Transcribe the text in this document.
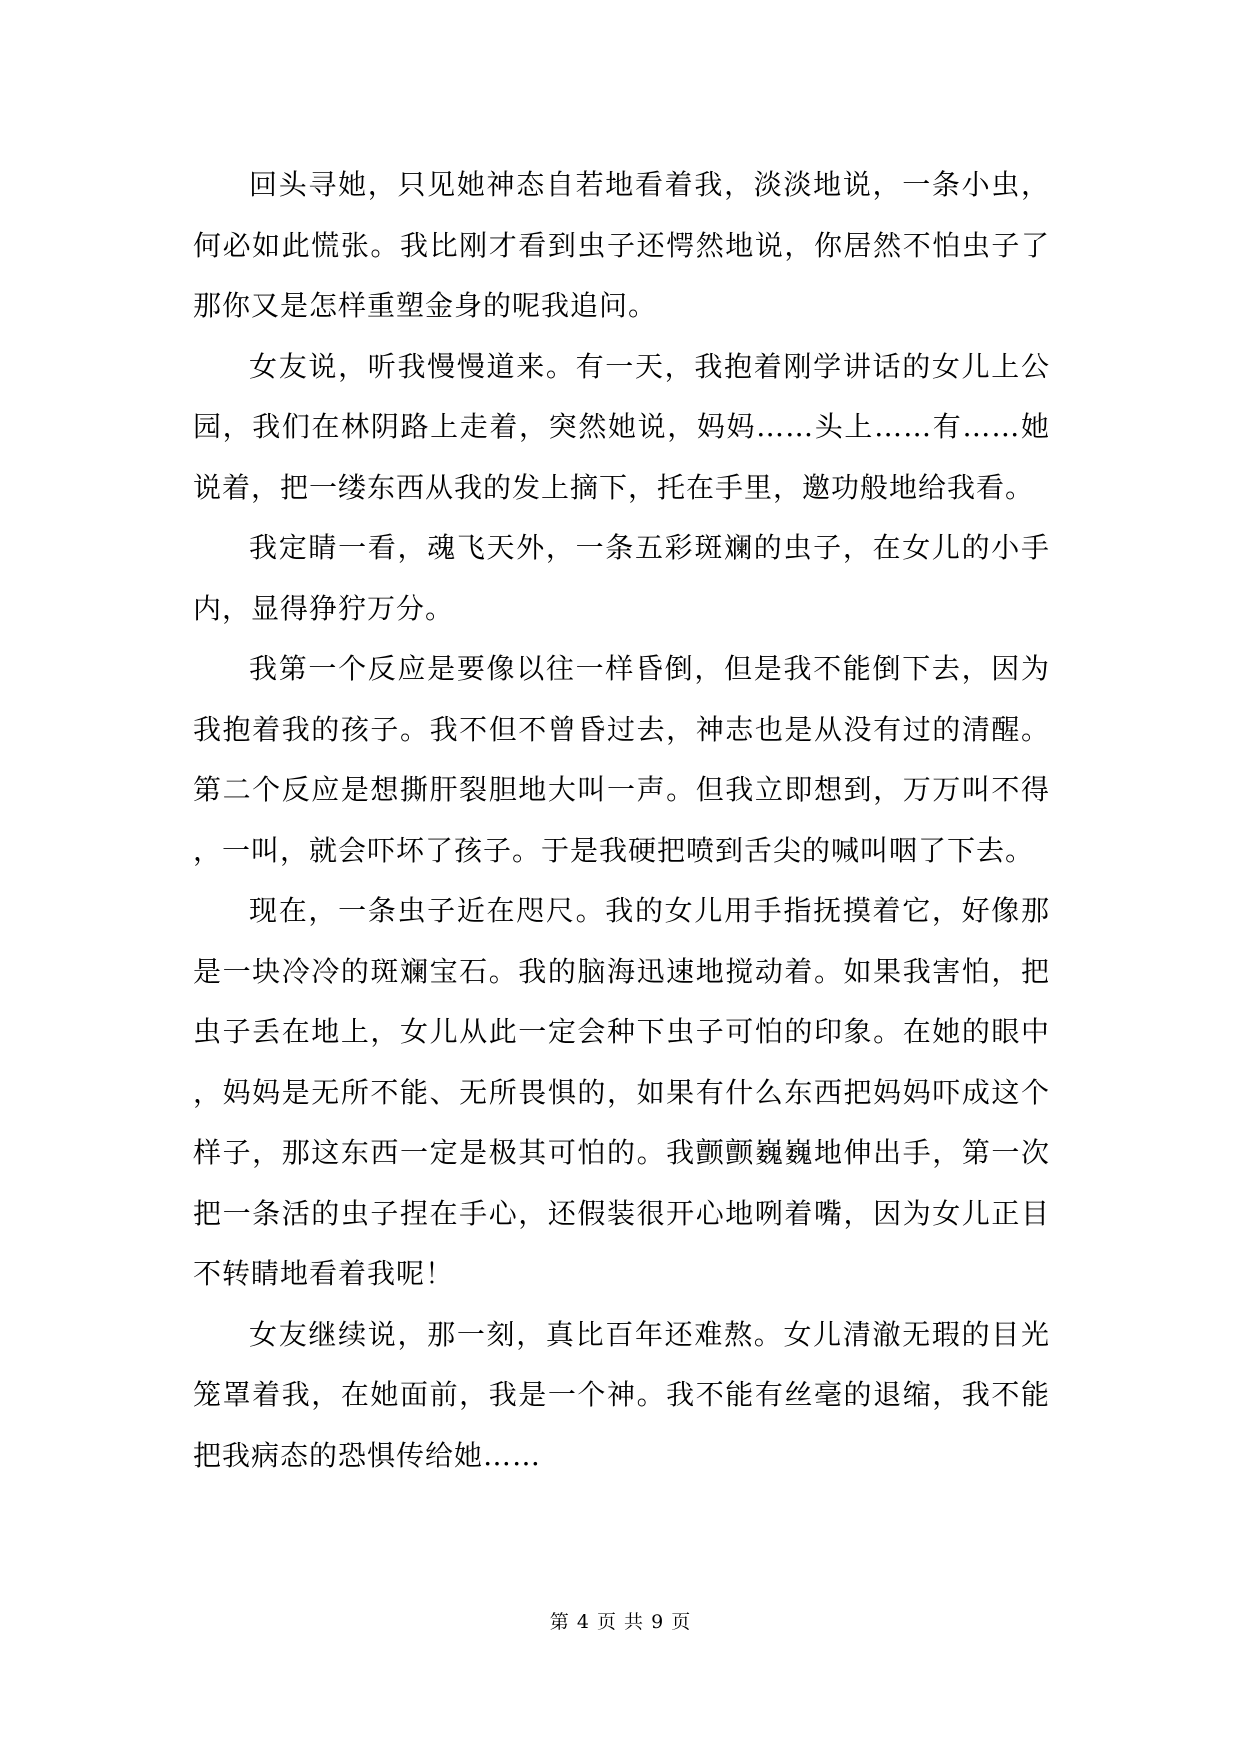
回头寻她，只见她神态自若地看着我，淡淡地说，一条小虫，何必如此慌张。我比刚才看到虫子还愕然地说，你居然不怕虫子了那你又是怎样重塑金身的呢我追问。

女友说，听我慢慢道来。有一天，我抱着刚学讲话的女儿上公园，我们在林阴路上走着，突然她说，妈妈……头上……有……她说着，把一缕东西从我的发上摘下，托在手里，邀功般地给我看。

我定睛一看，魂飞天外，一条五彩斑斓的虫子，在女儿的小手内，显得狰狞万分。

我第一个反应是要像以往一样昏倒，但是我不能倒下去，因为我抱着我的孩子。我不但不曾昏过去，神志也是从没有过的清醒。第二个反应是想撕肝裂胆地大叫一声。但我立即想到，万万叫不得，一叫，就会吓坏了孩子。于是我硬把喷到舌尖的喊叫咽了下去。

现在，一条虫子近在咫尺。我的女儿用手指抚摸着它，好像那是一块冷冷的斑斓宝石。我的脑海迅速地搅动着。如果我害怕，把虫子丢在地上，女儿从此一定会种下虫子可怕的印象。在她的眼中，妈妈是无所不能、无所畏惧的，如果有什么东西把妈妈吓成这个样子，那这东西一定是极其可怕的。我颤颤巍巍地伸出手，第一次把一条活的虫子捏在手心，还假装很开心地咧着嘴，因为女儿正目不转睛地看着我呢！

女友继续说，那一刻，真比百年还难熬。女儿清澈无瑕的目光笼罩着我，在她面前，我是一个神。我不能有丝毫的退缩，我不能把我病态的恐惧传给她……

第 4 页 共 9 页
